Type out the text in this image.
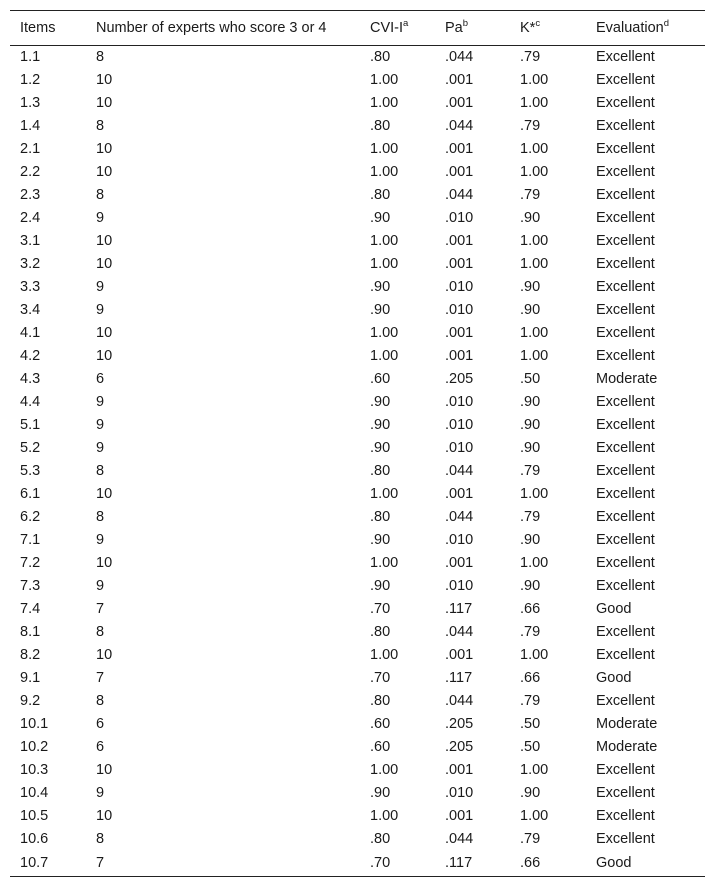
Items	Number of experts who score 3 or 4	CVI-$I^a$	Pa$^b$	K*$^c$	Evaluation$^d$
1.1	8	.80	.044	.79	Excellent
1.2	10	1.00	.001	1.00	Excellent
1.3	10	1.00	.001	1.00	Excellent
1.4	8	.80	.044	.79	Excellent
2.1	10	1.00	.001	1.00	Excellent
2.2	10	1.00	.001	1.00	Excellent
2.3	8	.80	.044	.79	Excellent
2.4	9	.90	.010	.90	Excellent
3.1	10	1.00	.001	1.00	Excellent
3.2	10	1.00	.001	1.00	Excellent
3.3	9	.90	.010	.90	Excellent
3.4	9	.90	.010	.90	Excellent
4.1	10	1.00	.001	1.00	Excellent
4.2	10	1.00	.001	1.00	Excellent
4.3	6	.60	.205	.50	Moderate
4.4	9	.90	.010	.90	Excellent
5.1	9	.90	.010	.90	Excellent
5.2	9	.90	.010	.90	Excellent
5.3	8	.80	.044	.79	Excellent
6.1	10	1.00	.001	1.00	Excellent
6.2	8	.80	.044	.79	Excellent
7.1	9	.90	.010	.90	Excellent
7.2	10	1.00	.001	1.00	Excellent
7.3	9	.90	.010	.90	Excellent
7.4	7	.70	.117	.66	Good
8.1	8	.80	.044	.79	Excellent
8.2	10	1.00	.001	1.00	Excellent
9.1	7	.70	.117	.66	Good
9.2	8	.80	.044	.79	Excellent
10.1	6	.60	.205	.50	Moderate
10.2	6	.60	.205	.50	Moderate
10.3	10	1.00	.001	1.00	Excellent
10.4	9	.90	.010	.90	Excellent
10.5	10	1.00	.001	1.00	Excellent
10.6	8	.80	.044	.79	Excellent
10.7	7	.70	.117	.66	Good
